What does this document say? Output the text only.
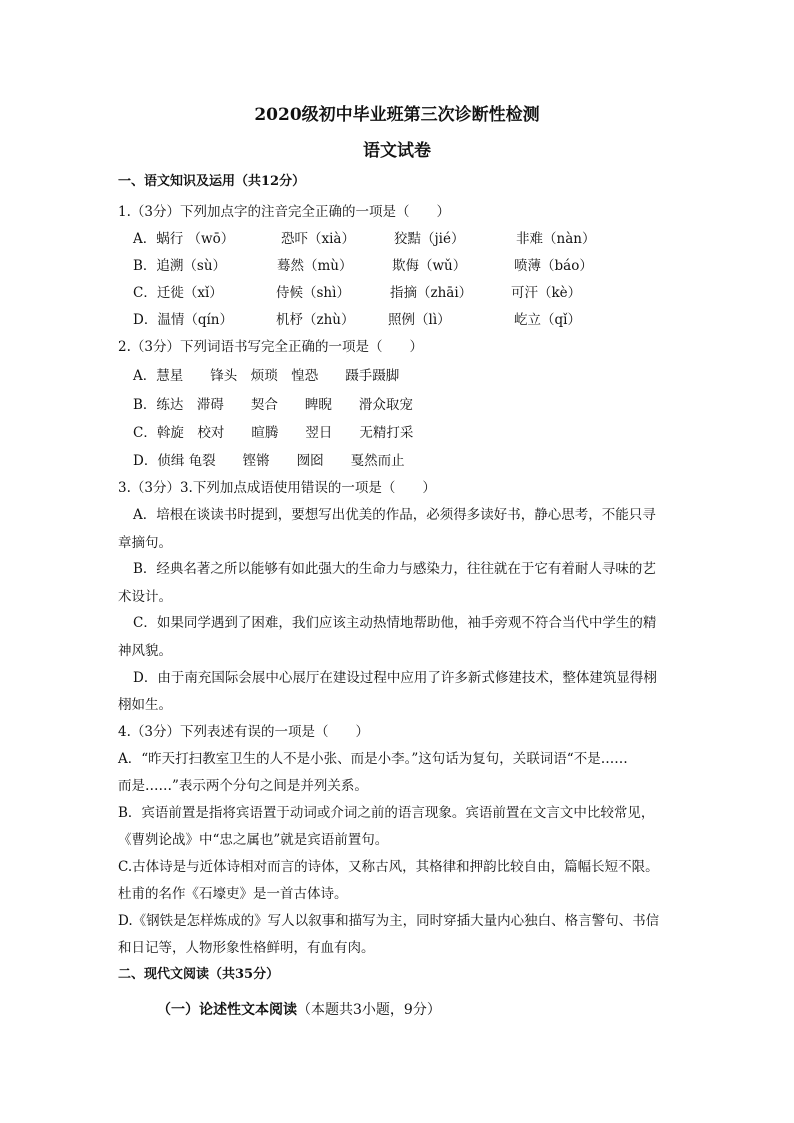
2020级初中毕业班第三次诊断性检测
语文试卷
一、语文知识及运用（共12分）
1.（3分）下列加点字的注音完全正确的一项是（　　）
A．蜗行 （wō）	恐吓（xià）	狡黠（jié）	非难（nàn）
B．追溯（sù）	蓦然（mù）	欺侮（wǔ）	喷薄（báo）
C．迁徙（xǐ）	侍候（shì）	指摘（zhāi）	可汗（kè）
D．温情（qín）	机杼（zhù） 照例（lì）	屹立（qǐ）
2.（3分）下列词语书写完全正确的一项是（　　）
A．慧星　　锋头　烦琐　惶恐　　蹑手蹑脚
B．练达　滞碍　　契合　　睥睨　　滑众取宠
C．斡旋　校对　　暄腾　　翌日　　无精打采
D．侦缉 龟裂　　铿锵　　囫囵　　戛然而止
3.（3分）3.下列加点成语使用错误的一项是（　　）
A．培根在谈读书时提到，要想写出优美的作品，必须得多读好书，静心思考，不能只寻
章摘句。
B．经典名著之所以能够有如此强大的生命力与感染力，往往就在于它有着耐人寻味的艺
术设计。
C．如果同学遇到了困难，我们应该主动热情地帮助他，袖手旁观不符合当代中学生的精
神风貌。
D．由于南充国际会展中心展厅在建设过程中应用了许多新式修建技术，整体建筑显得栩
栩如生。
4.（3分）下列表述有误的一项是（　　）
A．“昨天打扫教室卫生的人不是小张、而是小李。”这句话为复句，关联词语“不是……
而是……”表示两个分句之间是并列关系。
B．宾语前置是指将宾语置于动词或介词之前的语言现象。宾语前置在文言文中比较常见，
《曹刿论战》中“忠之属也”就是宾语前置句。
C.古体诗是与近体诗相对而言的诗体，又称古风，其格律和押韵比较自由，篇幅长短不限。
杜甫的名作《石壕吏》是一首古体诗。
D.《钢铁是怎样炼成的》写人以叙事和描写为主，同时穿插大量内心独白、格言警句、书信
和日记等，人物形象性格鲜明，有血有肉。
二、现代文阅读（共35分）
（一）论述性文本阅读（本题共3小题，9分）
